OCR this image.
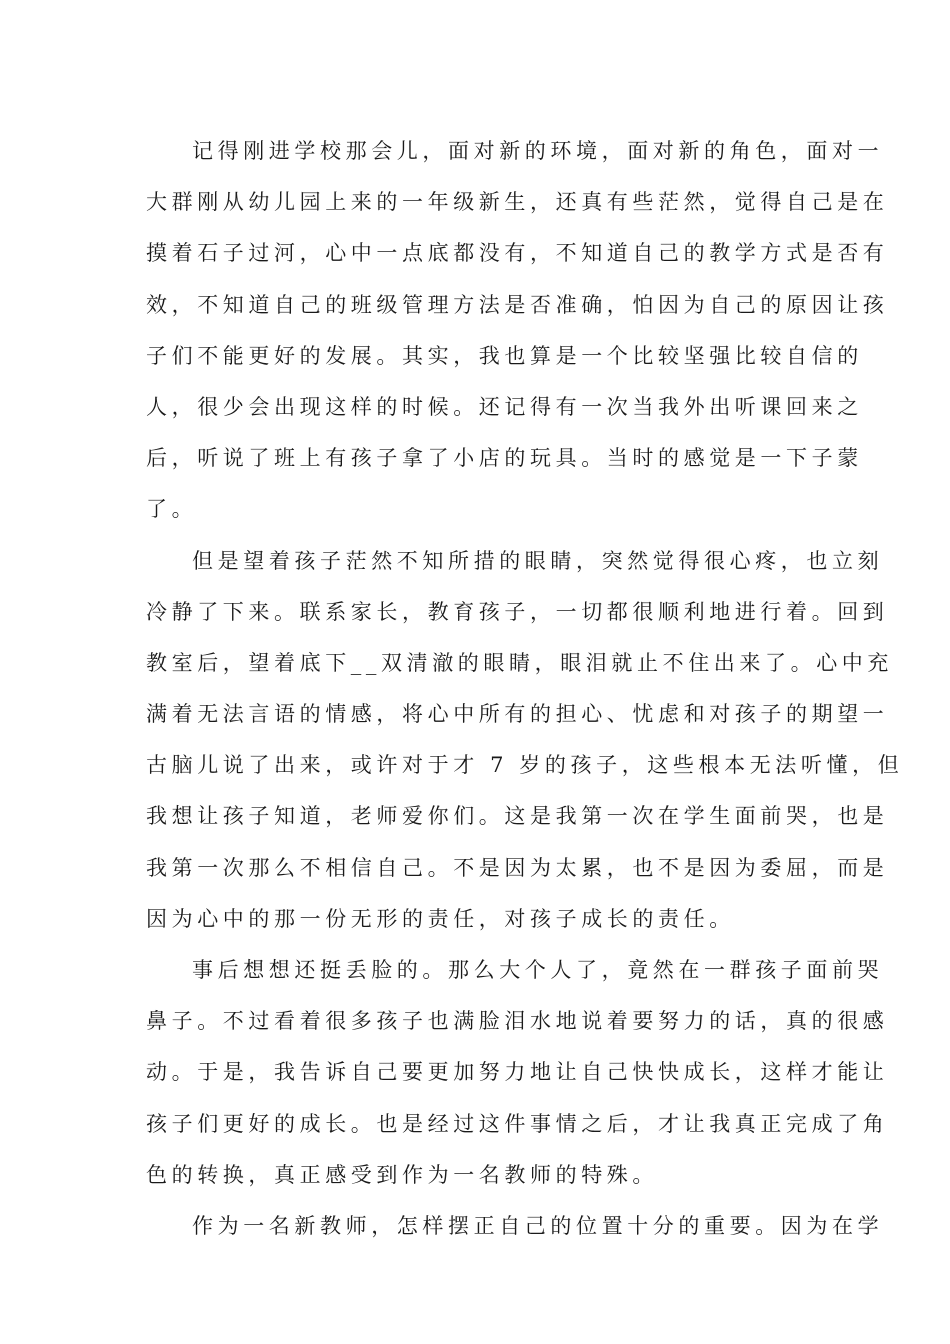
记得刚进学校那会儿，面对新的环境，面对新的角色，面对一
大群刚从幼儿园上来的一年级新生，还真有些茫然，觉得自己是在
摸着石子过河，心中一点底都没有，不知道自己的教学方式是否有
效，不知道自己的班级管理方法是否准确，怕因为自己的原因让孩
子们不能更好的发展。其实，我也算是一个比较坚强比较自信的
人，很少会出现这样的时候。还记得有一次当我外出听课回来之
后，听说了班上有孩子拿了小店的玩具。当时的感觉是一下子蒙
了。
但是望着孩子茫然不知所措的眼睛，突然觉得很心疼，也立刻
冷静了下来。联系家长，教育孩子，一切都很顺利地进行着。回到
教室后，望着底下__双清澈的眼睛，眼泪就止不住出来了。心中充
满着无法言语的情感，将心中所有的担心、忧虑和对孩子的期望一
古脑儿说了出来，或许对于才 7 岁的孩子，这些根本无法听懂，但
我想让孩子知道，老师爱你们。这是我第一次在学生面前哭，也是
我第一次那么不相信自己。不是因为太累，也不是因为委屈，而是
因为心中的那一份无形的责任，对孩子成长的责任。
事后想想还挺丢脸的。那么大个人了，竟然在一群孩子面前哭
鼻子。不过看着很多孩子也满脸泪水地说着要努力的话，真的很感
动。于是，我告诉自己要更加努力地让自己快快成长，这样才能让
孩子们更好的成长。也是经过这件事情之后，才让我真正完成了角
色的转换，真正感受到作为一名教师的特殊。
作为一名新教师，怎样摆正自己的位置十分的重要。因为在学
